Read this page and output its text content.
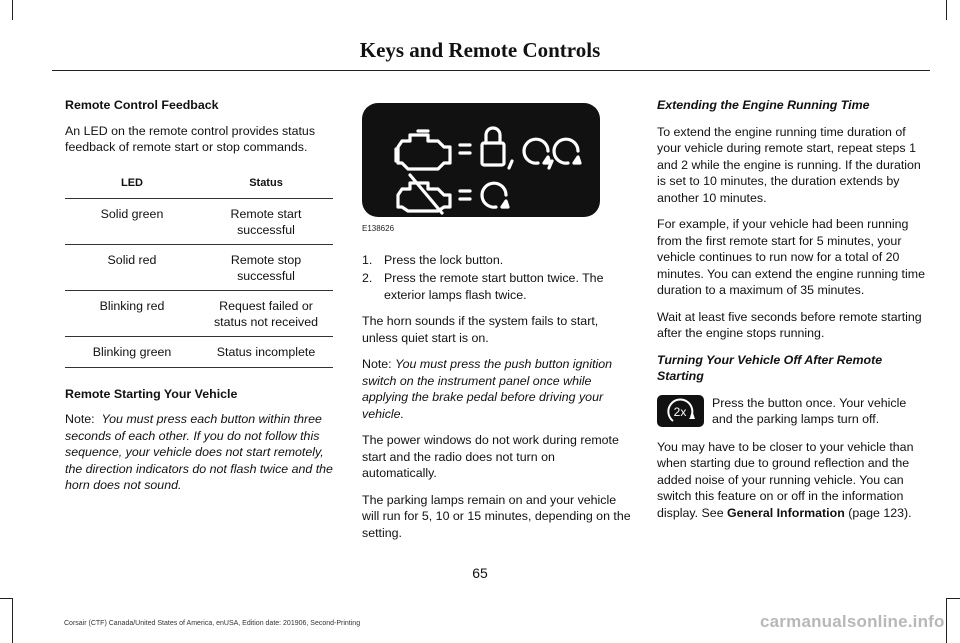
Keys and Remote Controls

Remote Control Feedback

An LED on the remote control provides status feedback of remote start or stop commands.

LED	Status
Solid green	Remote start successful
Solid red	Remote stop successful
Blinking red	Request failed or status not received
Blinking green	Status incomplete

Remote Starting Your Vehicle

Note: You must press each button within three seconds of each other. If you do not follow this sequence, your vehicle does not start remotely, the direction indicators do not flash twice and the horn does not sound.

E138626
1. Press the lock button.
2. Press the remote start button twice. The exterior lamps flash twice.

The horn sounds if the system fails to start, unless quiet start is on.

Note: You must press the push button ignition switch on the instrument panel once while applying the brake pedal before driving your vehicle.

The power windows do not work during remote start and the radio does not turn on automatically.

The parking lamps remain on and your vehicle will run for 5, 10 or 15 minutes, depending on the setting.

Extending the Engine Running Time

To extend the engine running time duration of your vehicle during remote start, repeat steps 1 and 2 while the engine is running. If the duration is set to 10 minutes, the duration extends by another 10 minutes.

For example, if your vehicle had been running from the first remote start for 5 minutes, your vehicle continues to run now for a total of 20 minutes. You can extend the engine running time duration to a maximum of 35 minutes.

Wait at least five seconds before remote starting after the engine stops running.

Turning Your Vehicle Off After Remote Starting

2x
Press the button once. Your vehicle and the parking lamps turn off.

You may have to be closer to your vehicle than when starting due to ground reflection and the added noise of your running vehicle. You can switch this feature on or off in the information display. See General Information (page 123).

65
Corsair (CTF) Canada/United States of America, enUSA, Edition date: 201906, Second-Printing	carmanualsonline.info
